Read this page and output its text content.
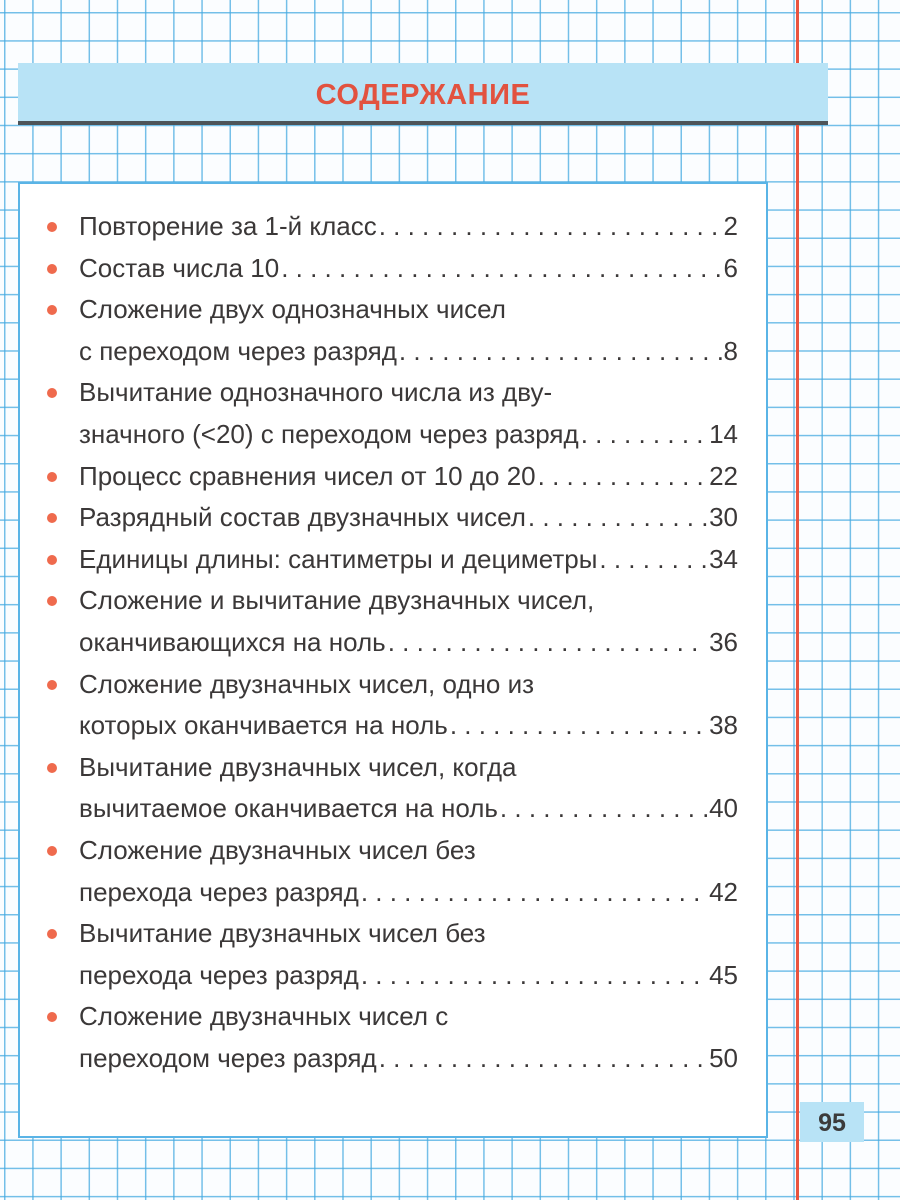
СОДЕРЖАНИЕ
Повторение за 1-й класс . . .	2
Состав числа 10 . . .	6
Сложение двух однозначных чисел
с переходом через разряд . . .	8
Вычитание однозначного числа из дву-
значного (<20) с переходом через разряд . . .	14
Процесс сравнения чисел от 10 до 20 . . .	22
Разрядный состав двузначных чисел . . .	30
Единицы длины: сантиметры и дециметры . . .	34
Сложение и вычитание двузначных чисел,
оканчивающихся на ноль . . .	36
Сложение двузначных чисел, одно из
которых оканчивается на ноль . . .	38
Вычитание двузначных чисел, когда
вычитаемое оканчивается на ноль . . .	40
Сложение двузначных чисел без
перехода через разряд . . .	42
Вычитание двузначных чисел без
перехода через разряд . . .	45
Сложение двузначных чисел с
переходом через разряд . . .	50
95
